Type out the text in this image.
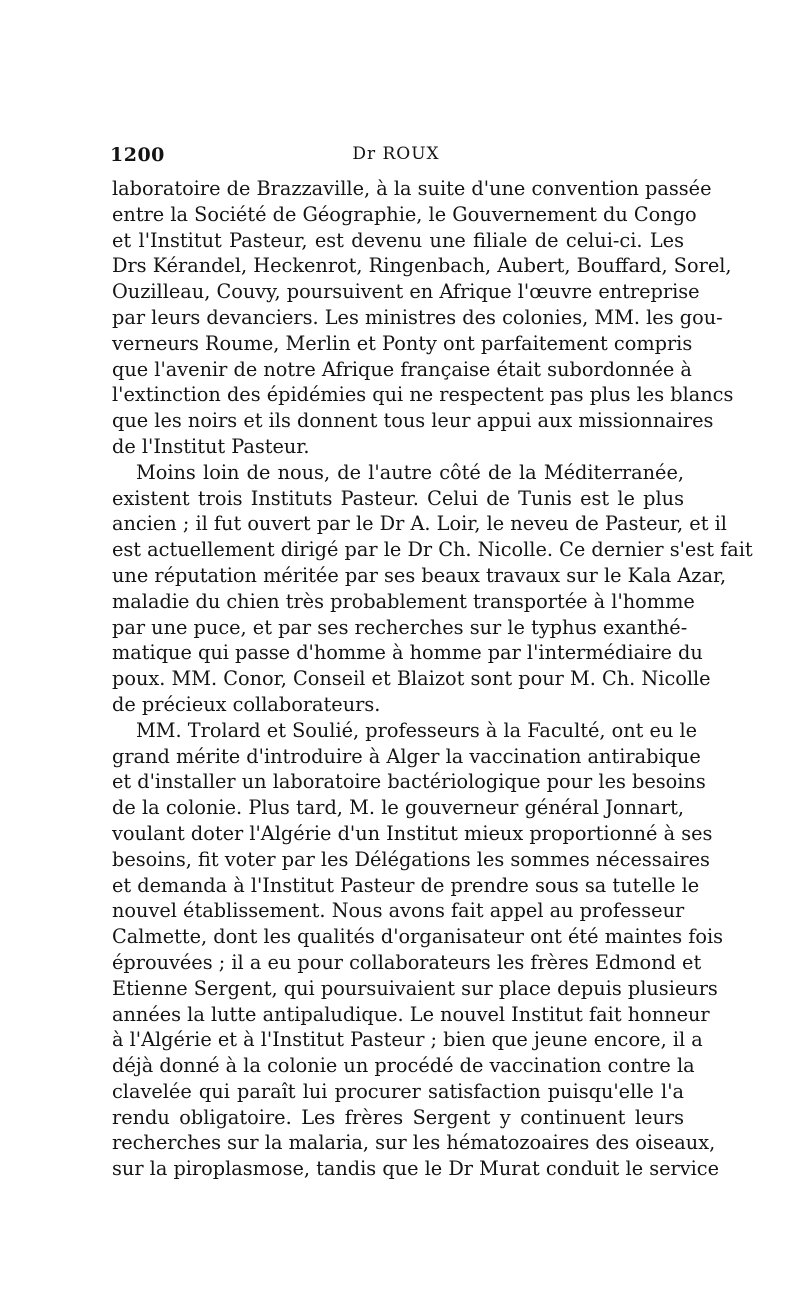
1200	Dr ROUX

laboratoire de Brazzaville, à la suite d'une convention passée
entre la Société de Géographie, le Gouvernement du Congo
et l'Institut Pasteur, est devenu une filiale de celui-ci. Les
Drs Kérandel, Heckenrot, Ringenbach, Aubert, Bouffard, Sorel,
Ouzilleau, Couvy, poursuivent en Afrique l'œuvre entreprise
par leurs devanciers. Les ministres des colonies, MM. les gou-
verneurs Roume, Merlin et Ponty ont parfaitement compris
que l'avenir de notre Afrique française était subordonnée à
l'extinction des épidémies qui ne respectent pas plus les blancs
que les noirs et ils donnent tous leur appui aux missionnaires
de l'Institut Pasteur.

Moins loin de nous, de l'autre côté de la Méditerranée,
existent trois Instituts Pasteur. Celui de Tunis est le plus
ancien ; il fut ouvert par le Dr A. Loir, le neveu de Pasteur, et il
est actuellement dirigé par le Dr Ch. Nicolle. Ce dernier s'est fait
une réputation méritée par ses beaux travaux sur le Kala Azar,
maladie du chien très probablement transportée à l'homme
par une puce, et par ses recherches sur le typhus exanthé-
matique qui passe d'homme à homme par l'intermédiaire du
poux. MM. Conor, Conseil et Blaizot sont pour M. Ch. Nicolle
de précieux collaborateurs.

MM. Trolard et Soulié, professeurs à la Faculté, ont eu le
grand mérite d'introduire à Alger la vaccination antirabique
et d'installer un laboratoire bactériologique pour les besoins
de la colonie. Plus tard, M. le gouverneur général Jonnart,
voulant doter l'Algérie d'un Institut mieux proportionné à ses
besoins, fit voter par les Délégations les sommes nécessaires
et demanda à l'Institut Pasteur de prendre sous sa tutelle le
nouvel établissement. Nous avons fait appel au professeur
Calmette, dont les qualités d'organisateur ont été maintes fois
éprouvées ; il a eu pour collaborateurs les frères Edmond et
Etienne Sergent, qui poursuivaient sur place depuis plusieurs
années la lutte antipaludique. Le nouvel Institut fait honneur
à l'Algérie et à l'Institut Pasteur ; bien que jeune encore, il a
déjà donné à la colonie un procédé de vaccination contre la
clavelée qui paraît lui procurer satisfaction puisqu'elle l'a
rendu obligatoire. Les frères Sergent y continuent leurs
recherches sur la malaria, sur les hématozoaires des oiseaux,
sur la piroplasmose, tandis que le Dr Murat conduit le service
